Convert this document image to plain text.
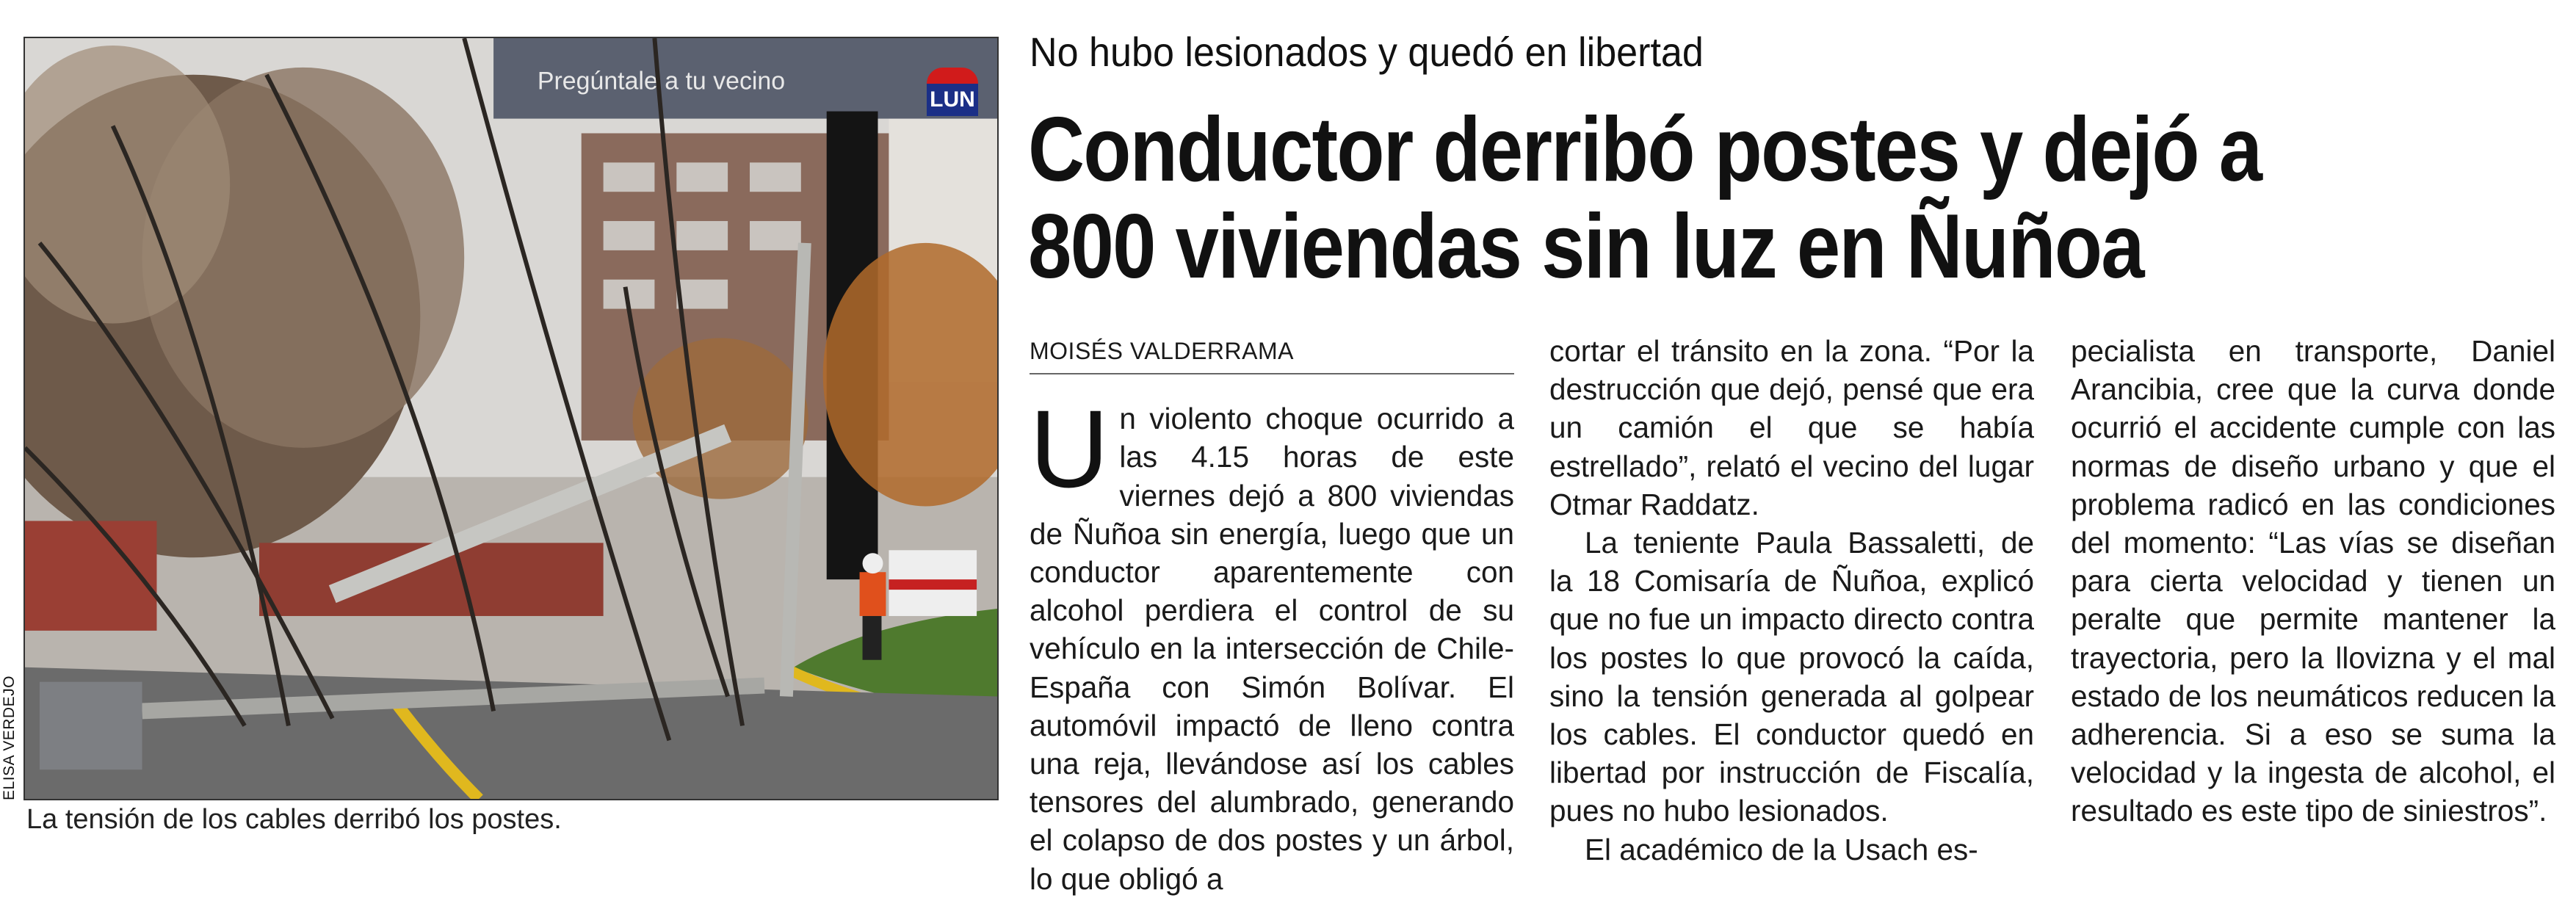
Pregúntale a tu vecino
LUN
ELISA VERDEJO
La tensión de los cables derribó los postes.
No hubo lesionados y quedó en libertad
Conductor derribó postes y dejó a
800 viviendas sin luz en Ñuñoa
MOISÉS VALDERRAMA

Un violento choque ocurrido a las 4.15 horas de este viernes dejó a 800 viviendas de Ñuñoa sin energía, luego que un conductor aparentemente con alcohol perdiera el control de su vehículo en la intersección de Chile-España con Simón Bolívar. El automóvil impactó de lleno contra una reja, llevándose así los cables tensores del alumbrado, generando el colapso de dos postes y un árbol, lo que obligó a

cortar el tránsito en la zona. “Por la destrucción que dejó, pensé que era un camión el que se había estrellado”, relató el vecino del lugar Otmar Raddatz.

La teniente Paula Bassaletti, de la 18 Comisaría de Ñuñoa, explicó que no fue un impacto directo contra los postes lo que provocó la caída, sino la tensión generada al golpear los cables. El conductor quedó en libertad por instrucción de Fiscalía, pues no hubo lesionados.

El académico de la Usach es-

pecialista en transporte, Daniel Arancibia, cree que la curva donde ocurrió el accidente cumple con las normas de diseño urbano y que el problema radicó en las condiciones del momento: “Las vías se diseñan para cierta velocidad y tienen un peralte que permite mantener la trayectoria, pero la llovizna y el mal estado de los neumáticos reducen la adherencia. Si a eso se suma la velocidad y la ingesta de alcohol, el resultado es este tipo de siniestros”.
